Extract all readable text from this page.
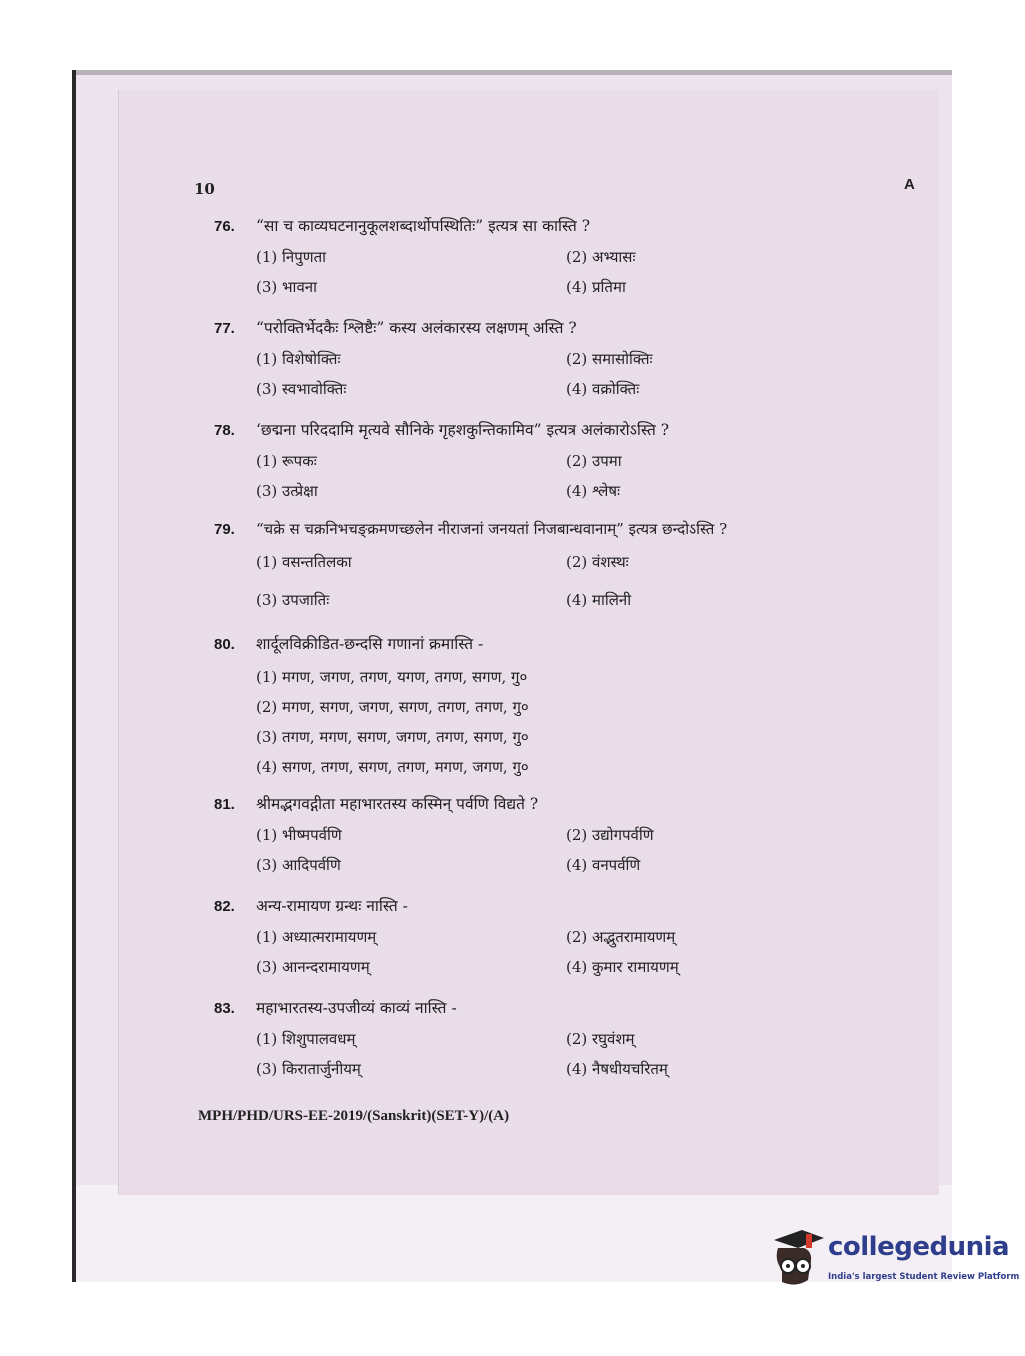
10	A
76.	“सा च काव्यघटनानुकूलशब्दार्थोपस्थितिः” इत्यत्र सा कास्ति ?
(1) निपुणता	(2) अभ्यासः
(3) भावना	(4) प्रतिमा
77.	“परोक्तिर्भेदकैः श्लिष्टैः” कस्य अलंकारस्य लक्षणम् अस्ति ?
(1) विशेषोक्तिः	(2) समासोक्तिः
(3) स्वभावोक्तिः	(4) वक्रोक्तिः
78.	‘छद्मना परिददामि मृत्यवे सौनिके गृहशकुन्तिकामिव” इत्यत्र अलंकारोऽस्ति ?
(1) रूपकः	(2) उपमा
(3) उत्प्रेक्षा	(4) श्लेषः
79.	“चक्रे स चक्रनिभचङ्क्रमणच्छलेन नीराजनां जनयतां निजबान्धवानाम्” इत्यत्र छन्दोऽस्ति ?
(1) वसन्ततिलका	(2) वंशस्थः
(3) उपजातिः	(4) मालिनी
80.	शार्दूलविक्रीडित-छन्दसि गणानां क्रमास्ति -
(1) मगण, जगण, तगण, यगण, तगण, सगण, गु०
(2) मगण, सगण, जगण, सगण, तगण, तगण, गु०
(3) तगण, मगण, सगण, जगण, तगण, सगण, गु०
(4) सगण, तगण, सगण, तगण, मगण, जगण, गु०
81.	श्रीमद्भगवद्गीता महाभारतस्य कस्मिन् पर्वणि विद्यते ?
(1) भीष्मपर्वणि	(2) उद्योगपर्वणि
(3) आदिपर्वणि	(4) वनपर्वणि
82.	अन्य-रामायण ग्रन्थः नास्ति -
(1) अध्यात्मरामायणम्	(2) अद्भुतरामायणम्
(3) आनन्दरामायणम्	(4) कुमार रामायणम्
83.	महाभारतस्य-उपजीव्यं काव्यं नास्ति -
(1) शिशुपालवधम्	(2) रघुवंशम्
(3) किरातार्जुनीयम्	(4) नैषधीयचरितम्
MPH/PHD/URS-EE-2019/(Sanskrit)(SET-Y)/(A)
collegedunia
India's largest Student Review Platform
